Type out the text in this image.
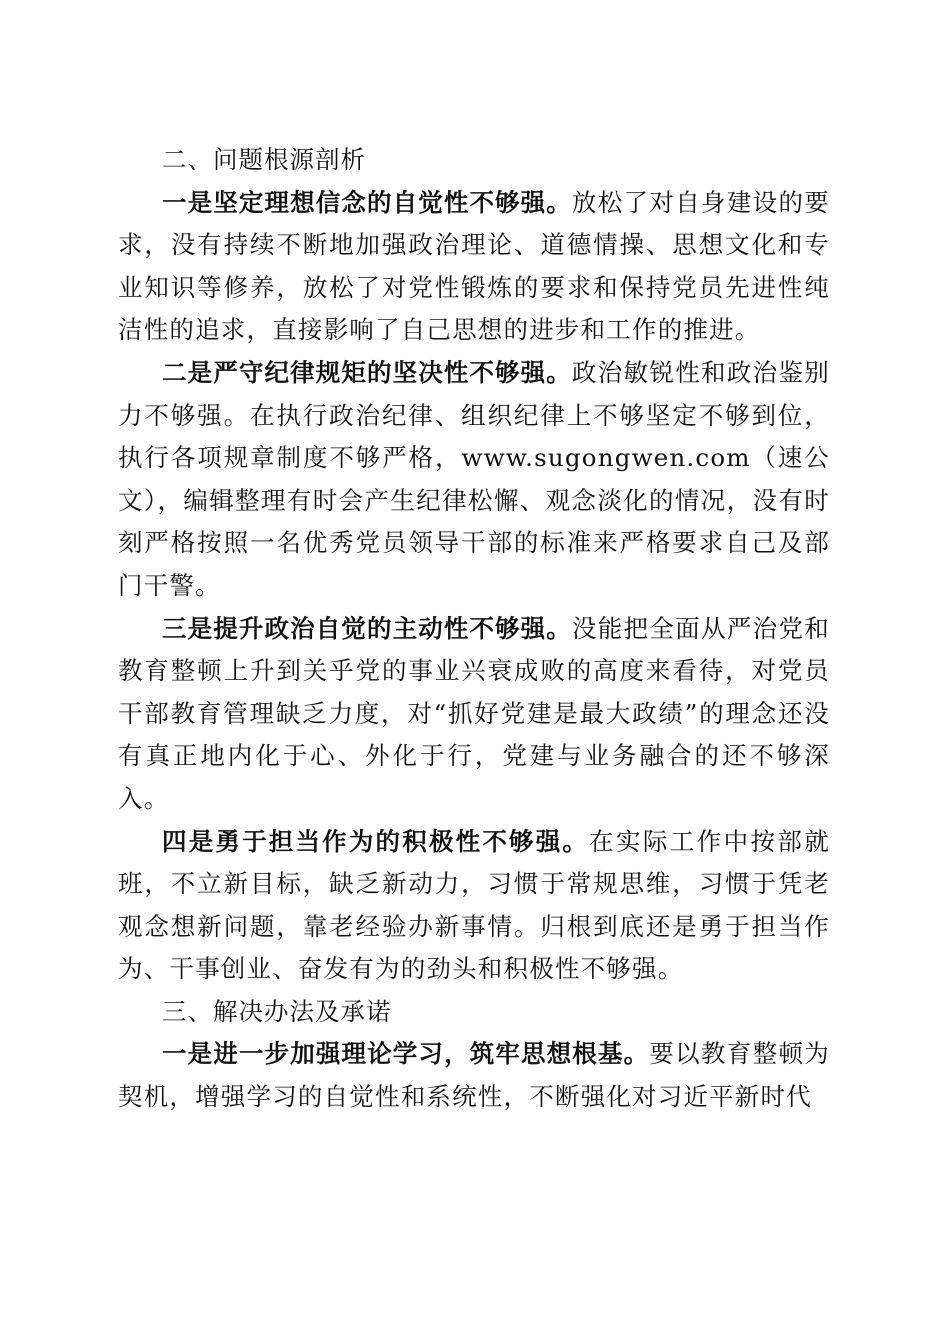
二、问题根源剖析

一是坚定理想信念的自觉性不够强。放松了对自身建设的要求，没有持续不断地加强政治理论、道德情操、思想文化和专业知识等修养，放松了对党性锻炼的要求和保持党员先进性纯洁性的追求，直接影响了自己思想的进步和工作的推进。

二是严守纪律规矩的坚决性不够强。政治敏锐性和政治鉴别力不够强。在执行政治纪律、组织纪律上不够坚定不够到位，执行各项规章制度不够严格，www.sugongwen.com（速公文），编辑整理有时会产生纪律松懈、观念淡化的情况，没有时刻严格按照一名优秀党员领导干部的标准来严格要求自己及部门干警。

三是提升政治自觉的主动性不够强。没能把全面从严治党和教育整顿上升到关乎党的事业兴衰成败的高度来看待，对党员干部教育管理缺乏力度，对“抓好党建是最大政绩”的理念还没有真正地内化于心、外化于行，党建与业务融合的还不够深入。

四是勇于担当作为的积极性不够强。在实际工作中按部就班，不立新目标，缺乏新动力，习惯于常规思维，习惯于凭老观念想新问题，靠老经验办新事情。归根到底还是勇于担当作为、干事创业、奋发有为的劲头和积极性不够强。

三、解决办法及承诺

一是进一步加强理论学习，筑牢思想根基。要以教育整顿为契机，增强学习的自觉性和系统性，不断强化对习近平新时代
